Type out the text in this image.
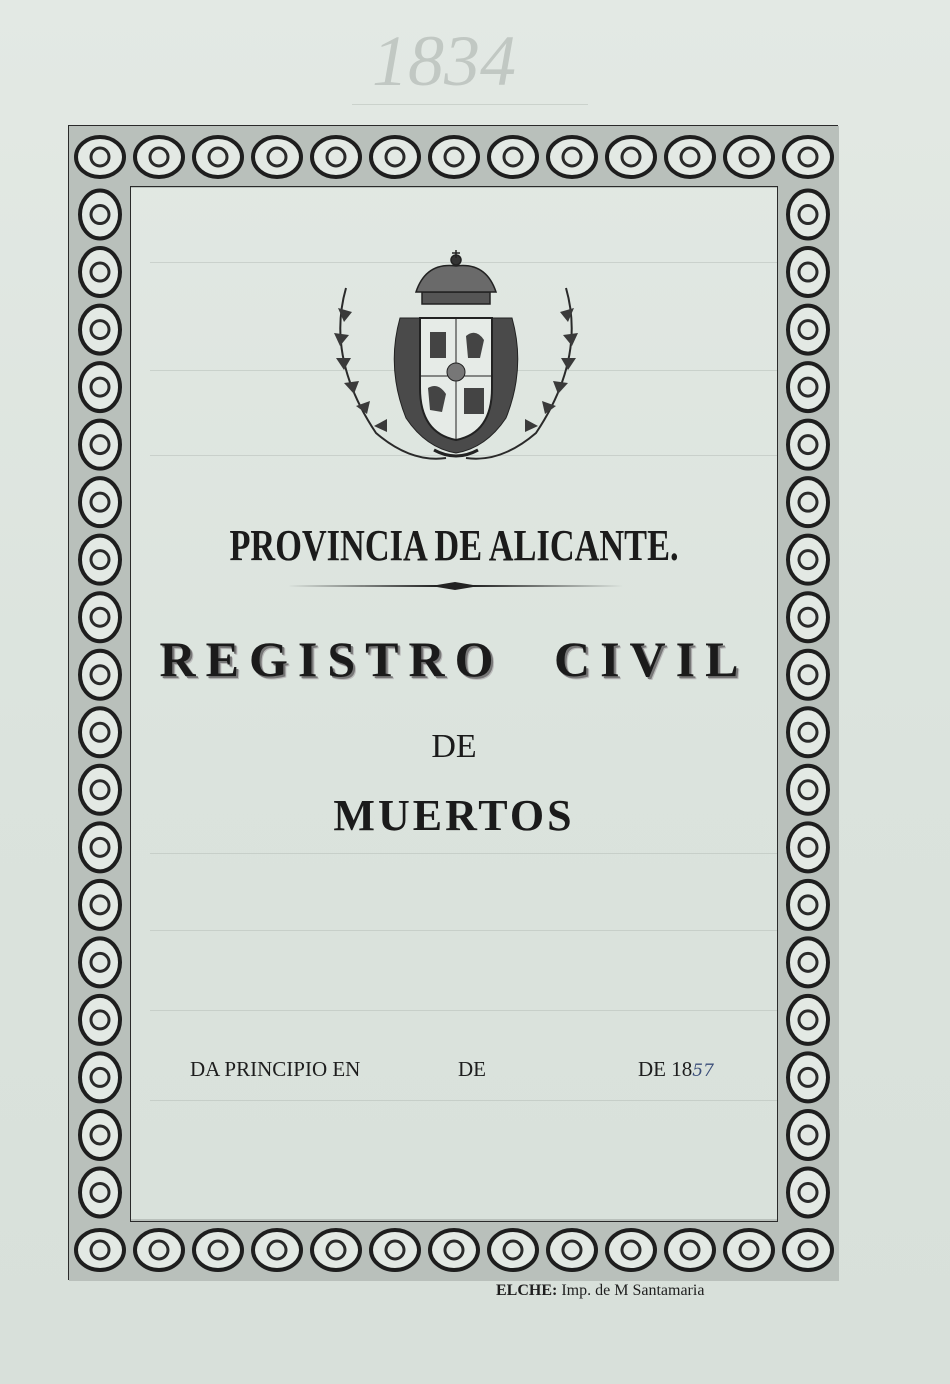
1834
PROVINCIA DE ALICANTE.
REGISTRO CIVIL
DE
MUERTOS
DA PRINCIPIO EN	DE	DE 1857
ELCHE: Imp. de M Santamaria
